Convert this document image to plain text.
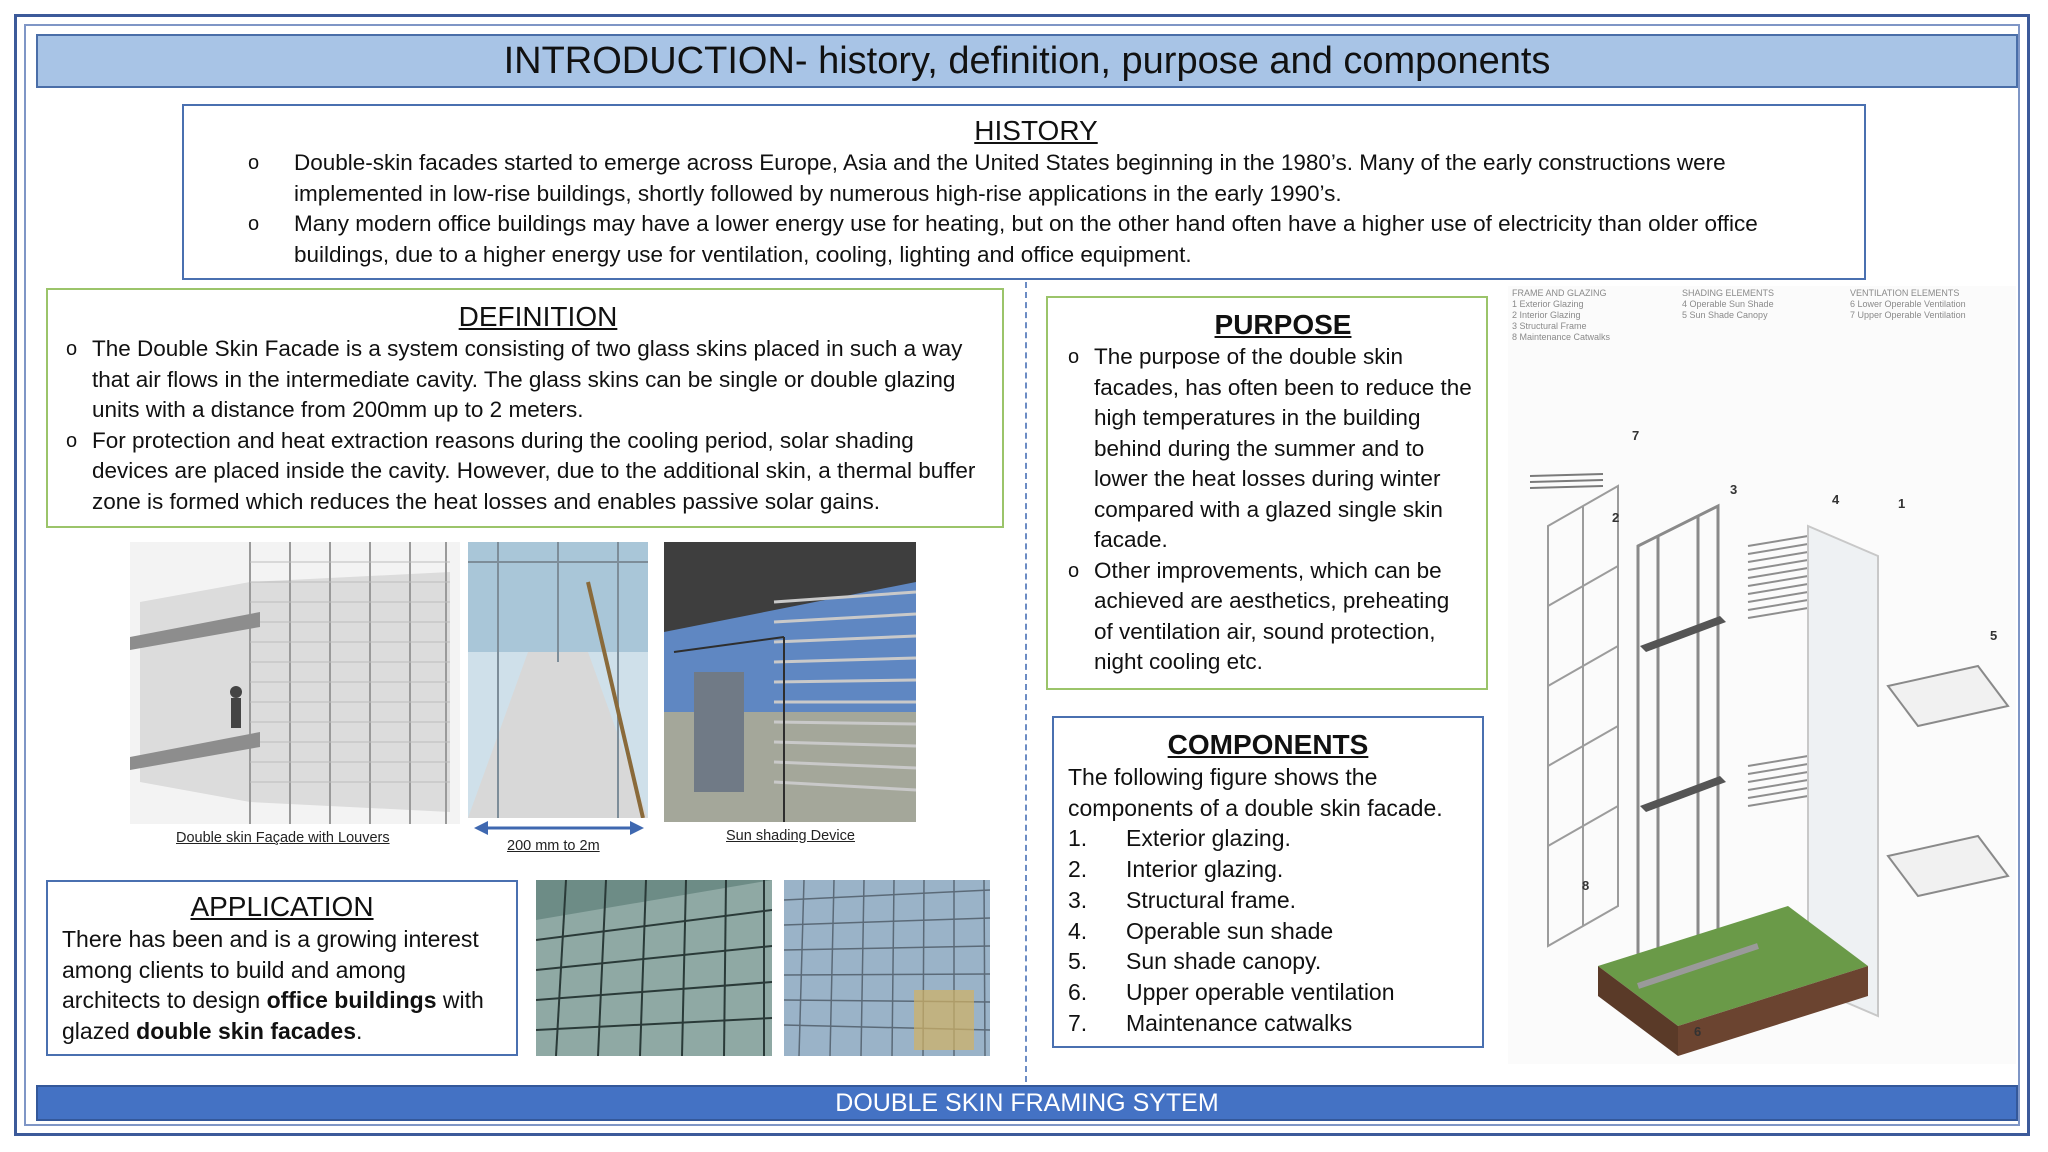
INTRODUCTION- history, definition, purpose and components

HISTORY

o Double-skin facades started to emerge across Europe, Asia and the United States beginning in the 1980’s. Many of the early constructions were implemented in low-rise buildings, shortly followed by numerous high-rise applications in the early 1990’s.
o Many modern office buildings may have a lower energy use for heating, but on the other hand often have a higher use of electricity than older office buildings, due to a higher energy use for ventilation, cooling, lighting and office equipment.

DEFINITION

o The Double Skin Facade is a system consisting of two glass skins placed in such a way that air flows in the intermediate cavity. The glass skins can be single or double glazing units with a distance from 200mm up to 2 meters.
o For protection and heat extraction reasons during the cooling period, solar shading devices are placed inside the cavity. However, due to the additional skin, a thermal buffer zone is formed which reduces the heat losses and enables passive solar gains.
Double skin Façade with Louvers	200 mm to 2m
Sun shading Device

APPLICATION

There has been and is a growing interest among clients to build and among architects to design office buildings with glazed double skin facades.

PURPOSE

o The purpose of the double skin facades, has often been to reduce the high temperatures in the building behind during the summer and to lower the heat losses during winter compared with a glazed single skin facade.
o Other improvements, which can be achieved are aesthetics, preheating of ventilation air, sound protection, night cooling etc.

COMPONENTS

The following figure shows the components of a double skin facade.

1.	Exterior glazing.
2.	Interior glazing.
3.	Structural frame.
4.	Operable sun shade
5.	Sun shade canopy.
6.	Upper operable ventilation
7.	Maintenance catwalks
FRAME AND GLAZING
1 Exterior Glazing
2 Interior Glazing
3 Structural Frame
8 Maintenance Catwalks
SHADING ELEMENTS
4 Operable Sun Shade
5 Sun Shade Canopy
VENTILATION ELEMENTS
6 Lower Operable Ventilation
7 Upper Operable Ventilation
7
2
3
4	1
5
8
6
DOUBLE SKIN FRAMING SYTEM
